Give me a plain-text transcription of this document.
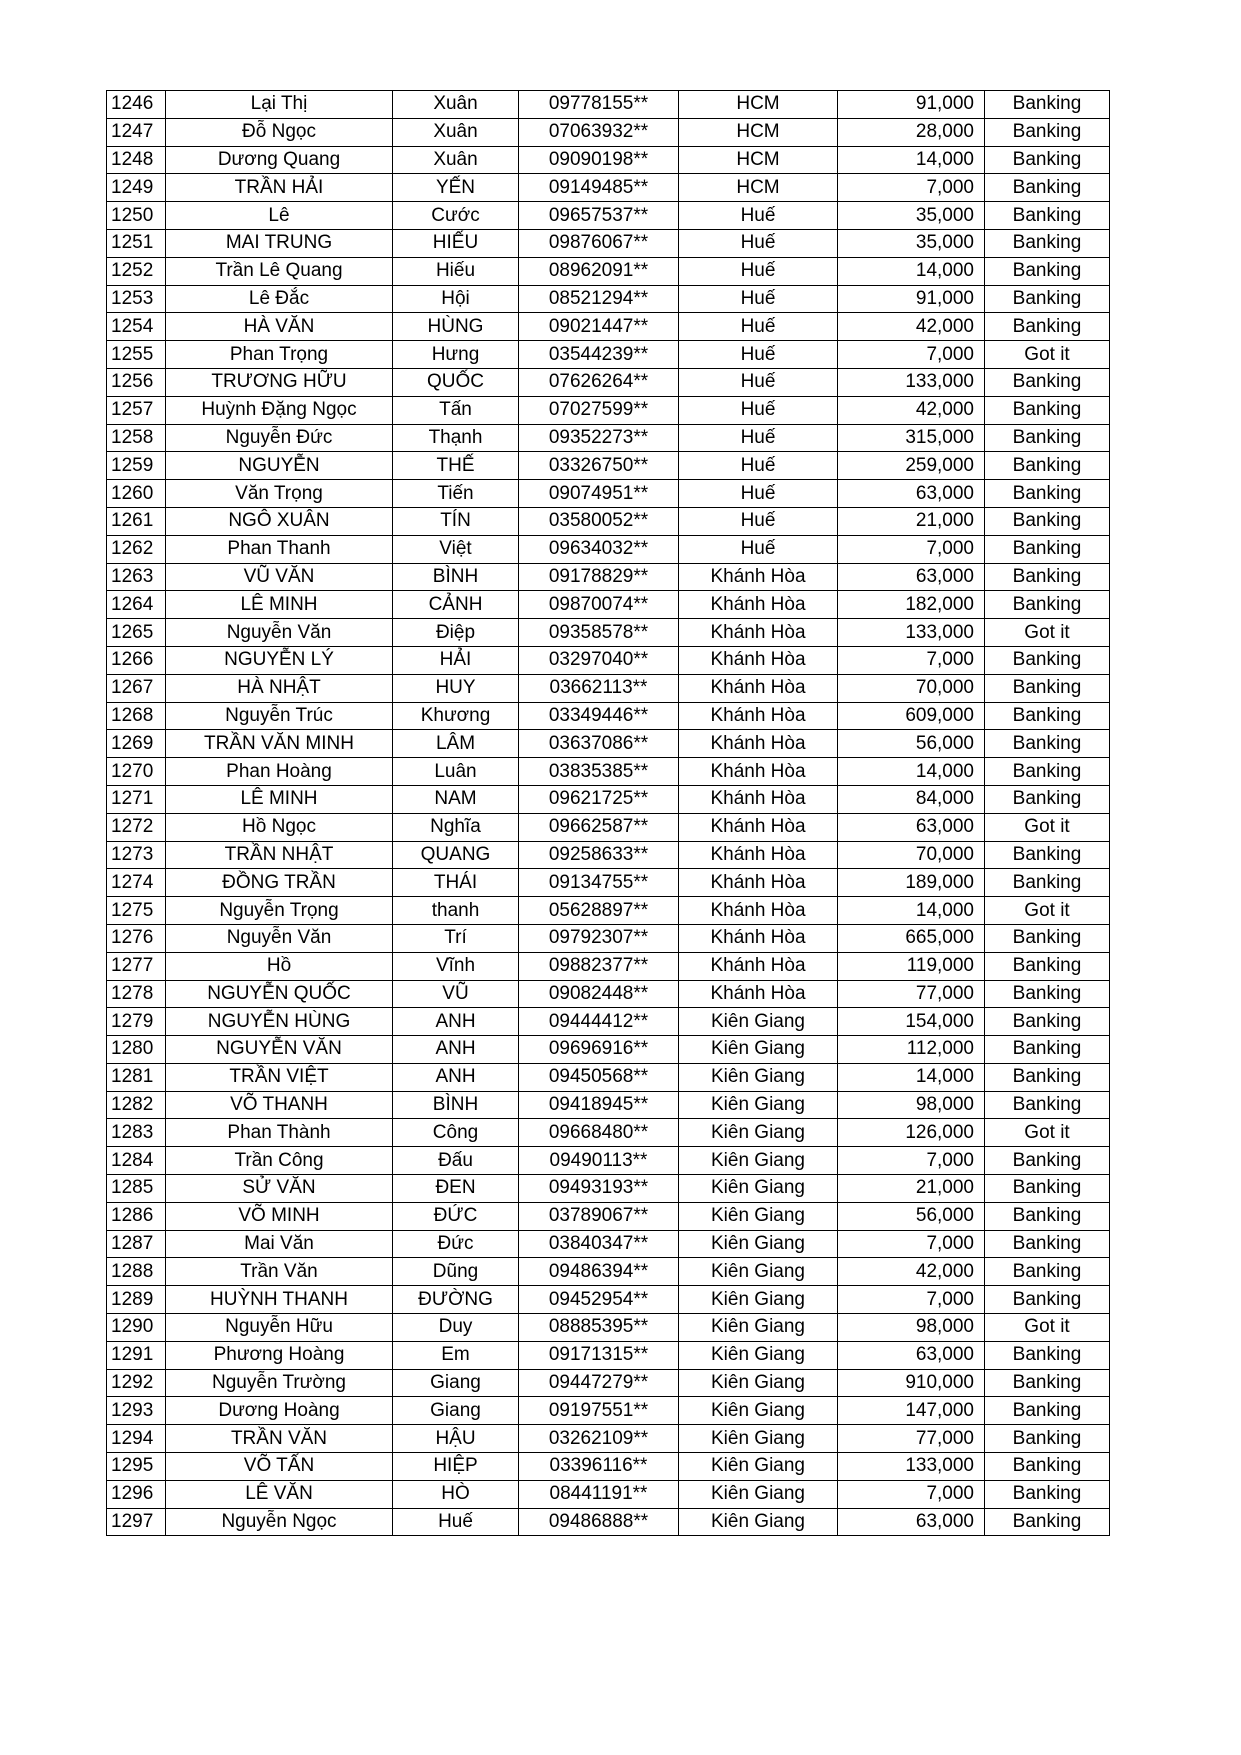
1246	Lại Thị	Xuân	09778155**	HCM	91,000	Banking
1247	Đỗ Ngọc	Xuân	07063932**	HCM	28,000	Banking
1248	Dương Quang	Xuân	09090198**	HCM	14,000	Banking
1249	TRẦN HẢI	YẾN	09149485**	HCM	7,000	Banking
1250	Lê	Cước	09657537**	Huế	35,000	Banking
1251	MAI TRUNG	HIẾU	09876067**	Huế	35,000	Banking
1252	Trần Lê Quang	Hiếu	08962091**	Huế	14,000	Banking
1253	Lê Đắc	Hội	08521294**	Huế	91,000	Banking
1254	HÀ VĂN	HÙNG	09021447**	Huế	42,000	Banking
1255	Phan Trọng	Hưng	03544239**	Huế	7,000	Got it
1256	TRƯƠNG HỮU	QUỐC	07626264**	Huế	133,000	Banking
1257	Huỳnh Đặng Ngọc	Tấn	07027599**	Huế	42,000	Banking
1258	Nguyễn Đức	Thạnh	09352273**	Huế	315,000	Banking
1259	NGUYỄN	THẾ	03326750**	Huế	259,000	Banking
1260	Văn Trọng	Tiến	09074951**	Huế	63,000	Banking
1261	NGÔ XUÂN	TÍN	03580052**	Huế	21,000	Banking
1262	Phan Thanh	Việt	09634032**	Huế	7,000	Banking
1263	VŨ VĂN	BÌNH	09178829**	Khánh Hòa	63,000	Banking
1264	LÊ MINH	CẢNH	09870074**	Khánh Hòa	182,000	Banking
1265	Nguyễn Văn	Điệp	09358578**	Khánh Hòa	133,000	Got it
1266	NGUYỄN LÝ	HẢI	03297040**	Khánh Hòa	7,000	Banking
1267	HÀ NHẬT	HUY	03662113**	Khánh Hòa	70,000	Banking
1268	Nguyễn Trúc	Khương	03349446**	Khánh Hòa	609,000	Banking
1269	TRẦN VĂN MINH	LÂM	03637086**	Khánh Hòa	56,000	Banking
1270	Phan Hoàng	Luân	03835385**	Khánh Hòa	14,000	Banking
1271	LÊ MINH	NAM	09621725**	Khánh Hòa	84,000	Banking
1272	Hồ Ngọc	Nghĩa	09662587**	Khánh Hòa	63,000	Got it
1273	TRẦN NHẬT	QUANG	09258633**	Khánh Hòa	70,000	Banking
1274	ĐỒNG TRẦN	THÁI	09134755**	Khánh Hòa	189,000	Banking
1275	Nguyễn Trọng	thanh	05628897**	Khánh Hòa	14,000	Got it
1276	Nguyễn Văn	Trí	09792307**	Khánh Hòa	665,000	Banking
1277	Hồ	Vĩnh	09882377**	Khánh Hòa	119,000	Banking
1278	NGUYỄN QUỐC	VŨ	09082448**	Khánh Hòa	77,000	Banking
1279	NGUYỄN HÙNG	ANH	09444412**	Kiên Giang	154,000	Banking
1280	NGUYỄN VĂN	ANH	09696916**	Kiên Giang	112,000	Banking
1281	TRẦN VIỆT	ANH	09450568**	Kiên Giang	14,000	Banking
1282	VÕ THANH	BÌNH	09418945**	Kiên Giang	98,000	Banking
1283	Phan Thành	Công	09668480**	Kiên Giang	126,000	Got it
1284	Trần Công	Đấu	09490113**	Kiên Giang	7,000	Banking
1285	SỬ VĂN	ĐEN	09493193**	Kiên Giang	21,000	Banking
1286	VÕ MINH	ĐỨC	03789067**	Kiên Giang	56,000	Banking
1287	Mai Văn	Đức	03840347**	Kiên Giang	7,000	Banking
1288	Trần Văn	Dũng	09486394**	Kiên Giang	42,000	Banking
1289	HUỲNH THANH	ĐƯỜNG	09452954**	Kiên Giang	7,000	Banking
1290	Nguyễn Hữu	Duy	08885395**	Kiên Giang	98,000	Got it
1291	Phương Hoàng	Em	09171315**	Kiên Giang	63,000	Banking
1292	Nguyễn Trường	Giang	09447279**	Kiên Giang	910,000	Banking
1293	Dương Hoàng	Giang	09197551**	Kiên Giang	147,000	Banking
1294	TRẦN VĂN	HẬU	03262109**	Kiên Giang	77,000	Banking
1295	VÕ TẤN	HIỆP	03396116**	Kiên Giang	133,000	Banking
1296	LÊ VĂN	HÒ	08441191**	Kiên Giang	7,000	Banking
1297	Nguyễn Ngọc	Huế	09486888**	Kiên Giang	63,000	Banking
